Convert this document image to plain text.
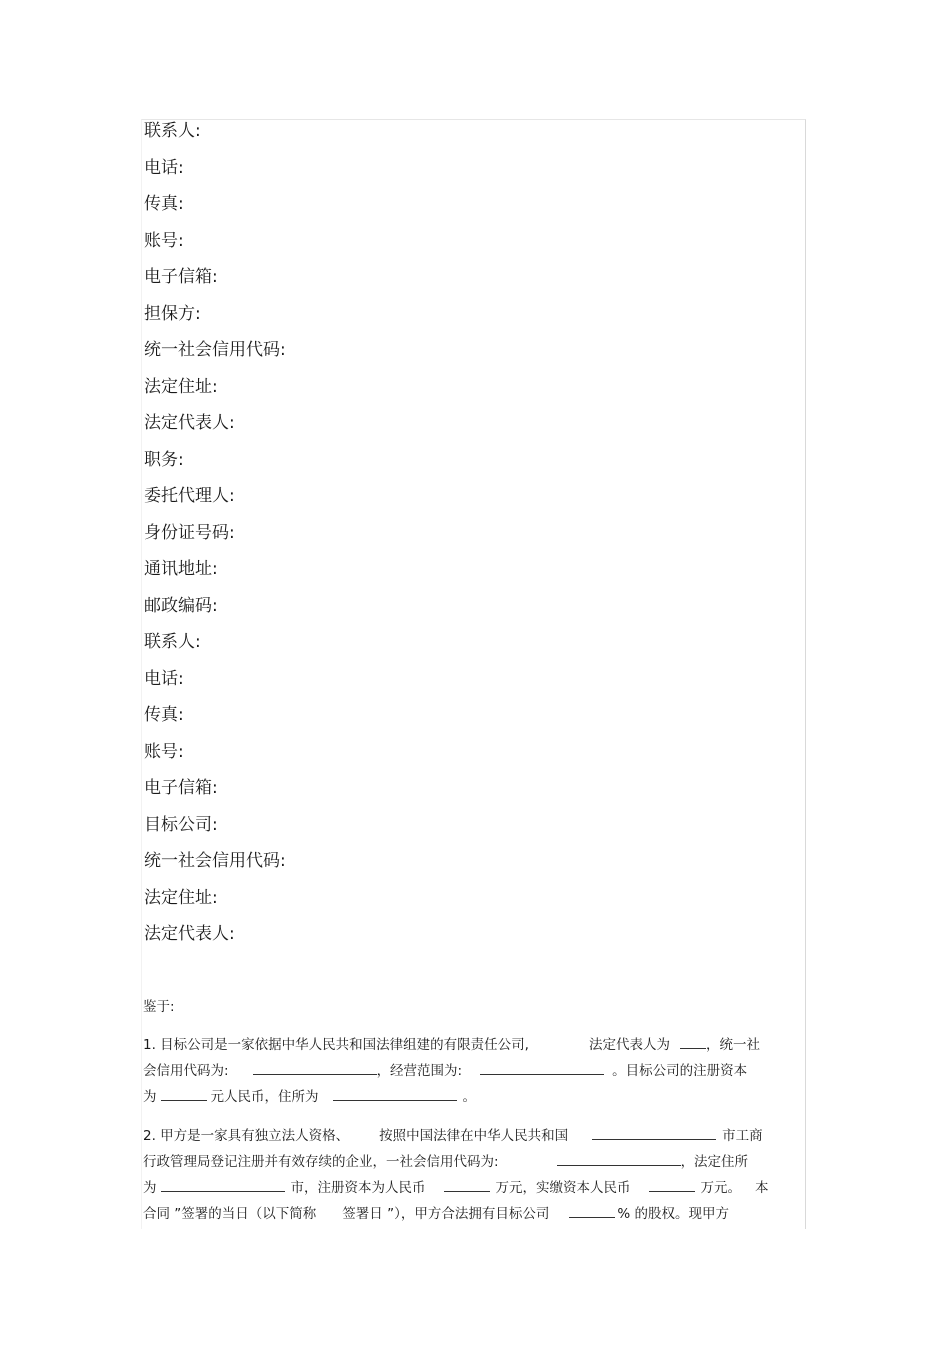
联系人:
电话:
传真:
账号:
电子信箱:
担保方:
统一社会信用代码:
法定住址:
法定代表人:
职务:
委托代理人:
身份证号码:
通讯地址:
邮政编码:
联系人:
电话:
传真:
账号:
电子信箱:
目标公司:
统一社会信用代码:
法定住址:
法定代表人:
鉴于:
1. 目标公司是一家依据中华人民共和国法律组建的有限责任公司,	法定代表人为	，统一社
会信用代码为:	，经营范围为:	。目标公司的注册资本
为	元人民币，住所为	。
2. 甲方是一家具有独立法人资格、 按照中国法律在中华人民共和国	市工商
行政管理局登记注册并有效存续的企业，一社会信用代码为:	，法定住所
为	市，注册资本为人民币	万元，实缴资本人民币	万元。 本
合同 ”签署的当日（以下简称 签署日 ”），甲方合法拥有目标公司	% 的股权。现甲方
